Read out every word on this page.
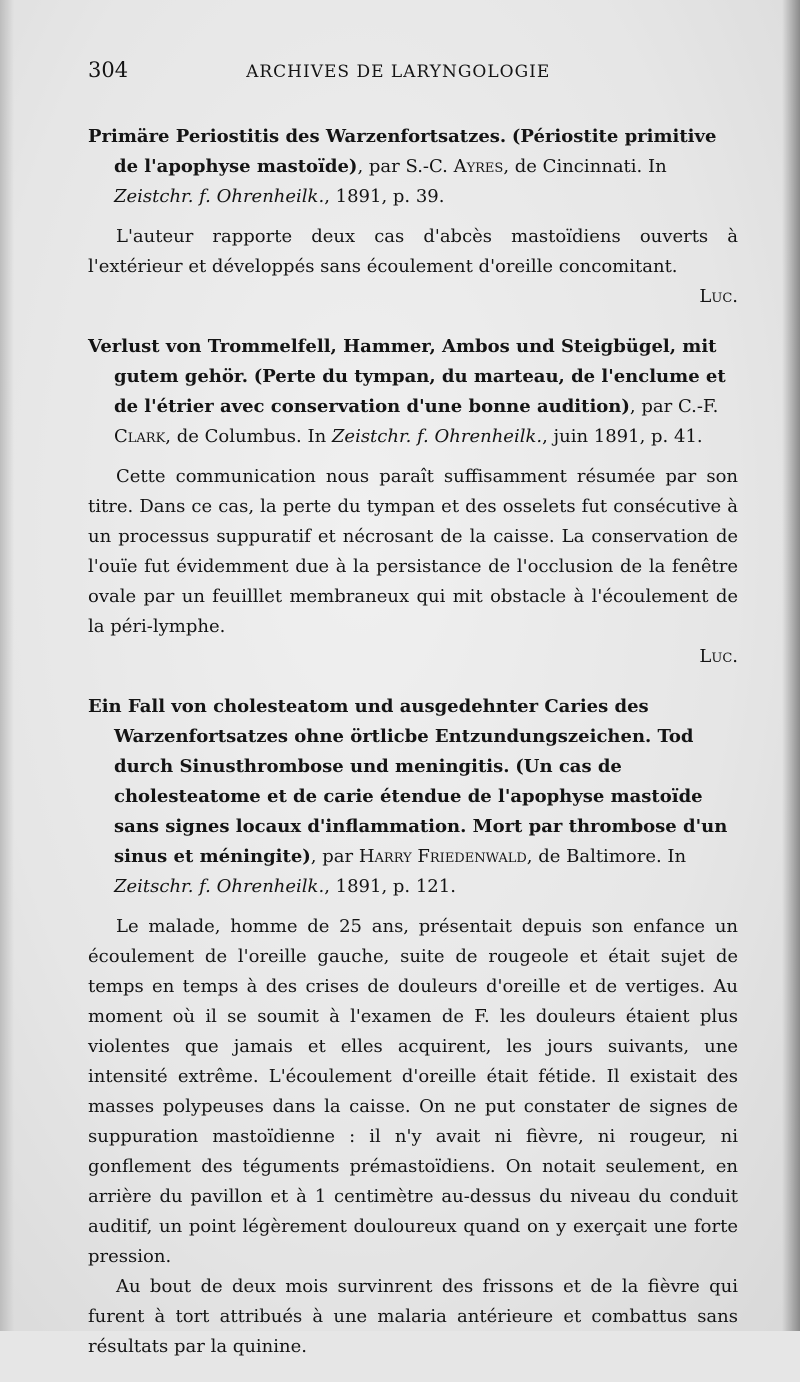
304	ARCHIVES DE LARYNGOLOGIE

Primäre Periostitis des Warzenfortsatzes. (Périostite primitive de l'apophyse mastoïde), par S.-C. Ayres, de Cincinnati. In Zeistchr. f. Ohrenheilk., 1891, p. 39.

L'auteur rapporte deux cas d'abcès mastoïdiens ouverts à l'extérieur et développés sans écoulement d'oreille concomitant.

Luc.

Verlust von Trommelfell, Hammer, Ambos und Steigbügel, mit gutem gehör. (Perte du tympan, du marteau, de l'enclume et de l'étrier avec conservation d'une bonne audition), par C.-F. Clark, de Columbus. In Zeistchr. f. Ohrenheilk., juin 1891, p. 41.

Cette communication nous paraît suffisamment résumée par son titre. Dans ce cas, la perte du tympan et des osselets fut consécutive à un processus suppuratif et nécrosant de la caisse. La conservation de l'ouïe fut évidemment due à la persistance de l'occlusion de la fenêtre ovale par un feuilllet membraneux qui mit obstacle à l'écoulement de la péri-lymphe.

Luc.

Ein Fall von cholesteatom und ausgedehnter Caries des Warzenfortsatzes ohne örtlicbe Entzundungszeichen. Tod durch Sinusthrombose und meningitis. (Un cas de cholesteatome et de carie étendue de l'apophyse mastoïde sans signes locaux d'inflammation. Mort par thrombose d'un sinus et méningite), par Harry Friedenwald, de Baltimore. In Zeitschr. f. Ohrenheilk., 1891, p. 121.

Le malade, homme de 25 ans, présentait depuis son enfance un écoulement de l'oreille gauche, suite de rougeole et était sujet de temps en temps à des crises de douleurs d'oreille et de vertiges. Au moment où il se soumit à l'examen de F. les douleurs étaient plus violentes que jamais et elles acquirent, les jours suivants, une intensité extrême. L'écoulement d'oreille était fétide. Il existait des masses polypeuses dans la caisse. On ne put constater de signes de suppuration mastoïdienne : il n'y avait ni fièvre, ni rougeur, ni gonflement des téguments prémastoïdiens. On notait seulement, en arrière du pavillon et à 1 centimètre au-dessus du niveau du conduit auditif, un point légèrement douloureux quand on y exerçait une forte pression.

Au bout de deux mois survinrent des frissons et de la fièvre qui furent à tort attribués à une malaria antérieure et combattus sans résultats par la quinine.
